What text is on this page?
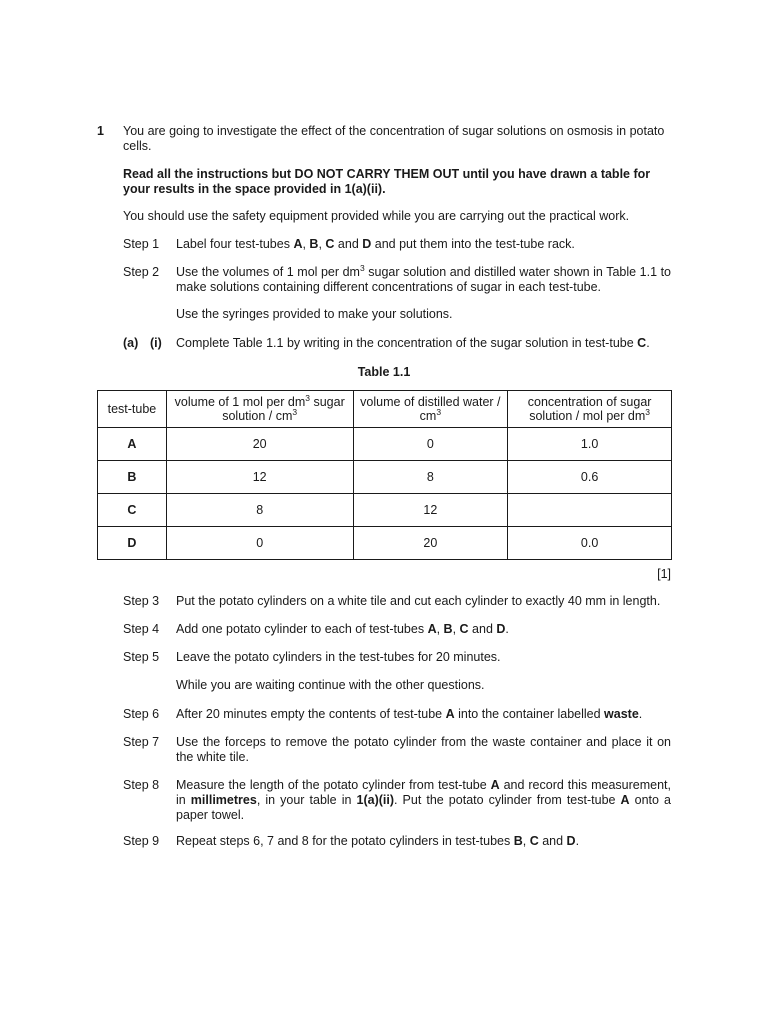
1 You are going to investigate the effect of the concentration of sugar solutions on osmosis in potato cells.
Read all the instructions but DO NOT CARRY THEM OUT until you have drawn a table for your results in the space provided in 1(a)(ii).
You should use the safety equipment provided while you are carrying out the practical work.
Step 1	Label four test-tubes A, B, C and D and put them into the test-tube rack.
Step 2	Use the volumes of 1 mol per $dm^3$ sugar solution and distilled water shown in Table 1.1 to make solutions containing different concentrations of sugar in each test-tube.
Use the syringes provided to make your solutions.
(a) (i) Complete Table 1.1 by writing in the concentration of the sugar solution in test-tube C.
Table 1.1
test-tube	volume of 1 mol per $dm^3$ sugar solution / $cm^3$	volume of distilled water / $cm^3$	concentration of sugar solution / mol per $dm^3$
A	20	0	1.0
B	12	8	0.6
C	8	12	
D	0	20	0.0
[1]
Step 3	Put the potato cylinders on a white tile and cut each cylinder to exactly 40 mm in length.
Step 4	Add one potato cylinder to each of test-tubes A, B, C and D.
Step 5	Leave the potato cylinders in the test-tubes for 20 minutes.
While you are waiting continue with the other questions.
Step 6	After 20 minutes empty the contents of test-tube A into the container labelled waste.
Step 7	Use the forceps to remove the potato cylinder from the waste container and place it on the white tile.
Step 8	Measure the length of the potato cylinder from test-tube A and record this measurement, in millimetres, in your table in 1(a)(ii). Put the potato cylinder from test-tube A onto a paper towel.
Step 9	Repeat steps 6, 7 and 8 for the potato cylinders in test-tubes B, C and D.
